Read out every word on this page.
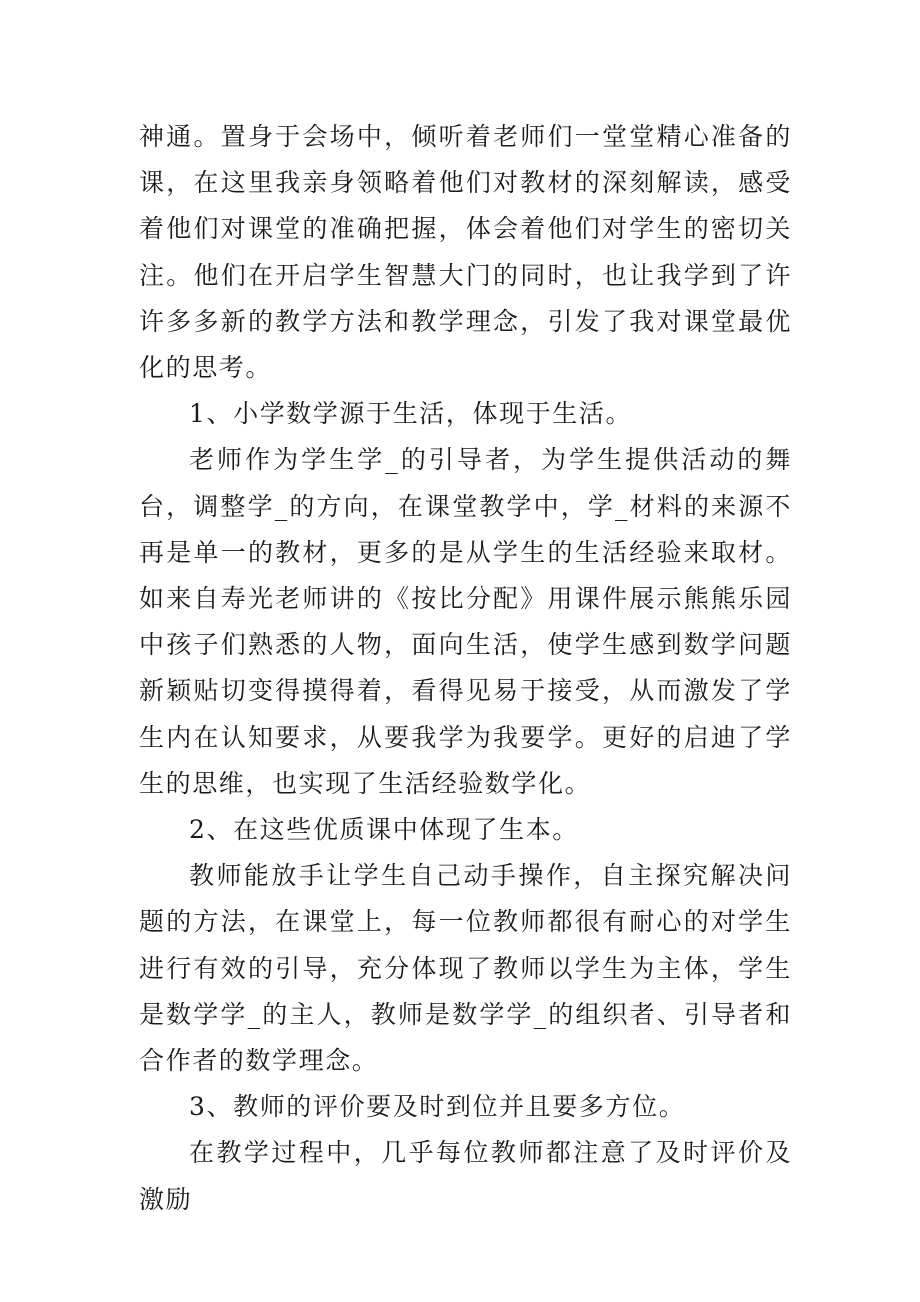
神通。置身于会场中，倾听着老师们一堂堂精心准备的课，在这里我亲身领略着他们对教材的深刻解读，感受着他们对课堂的准确把握，体会着他们对学生的密切关注。他们在开启学生智慧大门的同时，也让我学到了许许多多新的教学方法和教学理念，引发了我对课堂最优化的思考。

1、小学数学源于生活，体现于生活。

老师作为学生学_的引导者，为学生提供活动的舞台，调整学_的方向，在课堂教学中，学_材料的来源不再是单一的教材，更多的是从学生的生活经验来取材。如来自寿光老师讲的《按比分配》用课件展示熊熊乐园中孩子们熟悉的人物，面向生活，使学生感到数学问题新颖贴切变得摸得着，看得见易于接受，从而激发了学生内在认知要求，从要我学为我要学。更好的启迪了学生的思维，也实现了生活经验数学化。

2、在这些优质课中体现了生本。

教师能放手让学生自己动手操作，自主探究解决问题的方法，在课堂上，每一位教师都很有耐心的对学生进行有效的引导，充分体现了教师以学生为主体，学生是数学学_的主人，教师是数学学_的组织者、引导者和合作者的数学理念。

3、教师的评价要及时到位并且要多方位。

在教学过程中，几乎每位教师都注意了及时评价及激励
